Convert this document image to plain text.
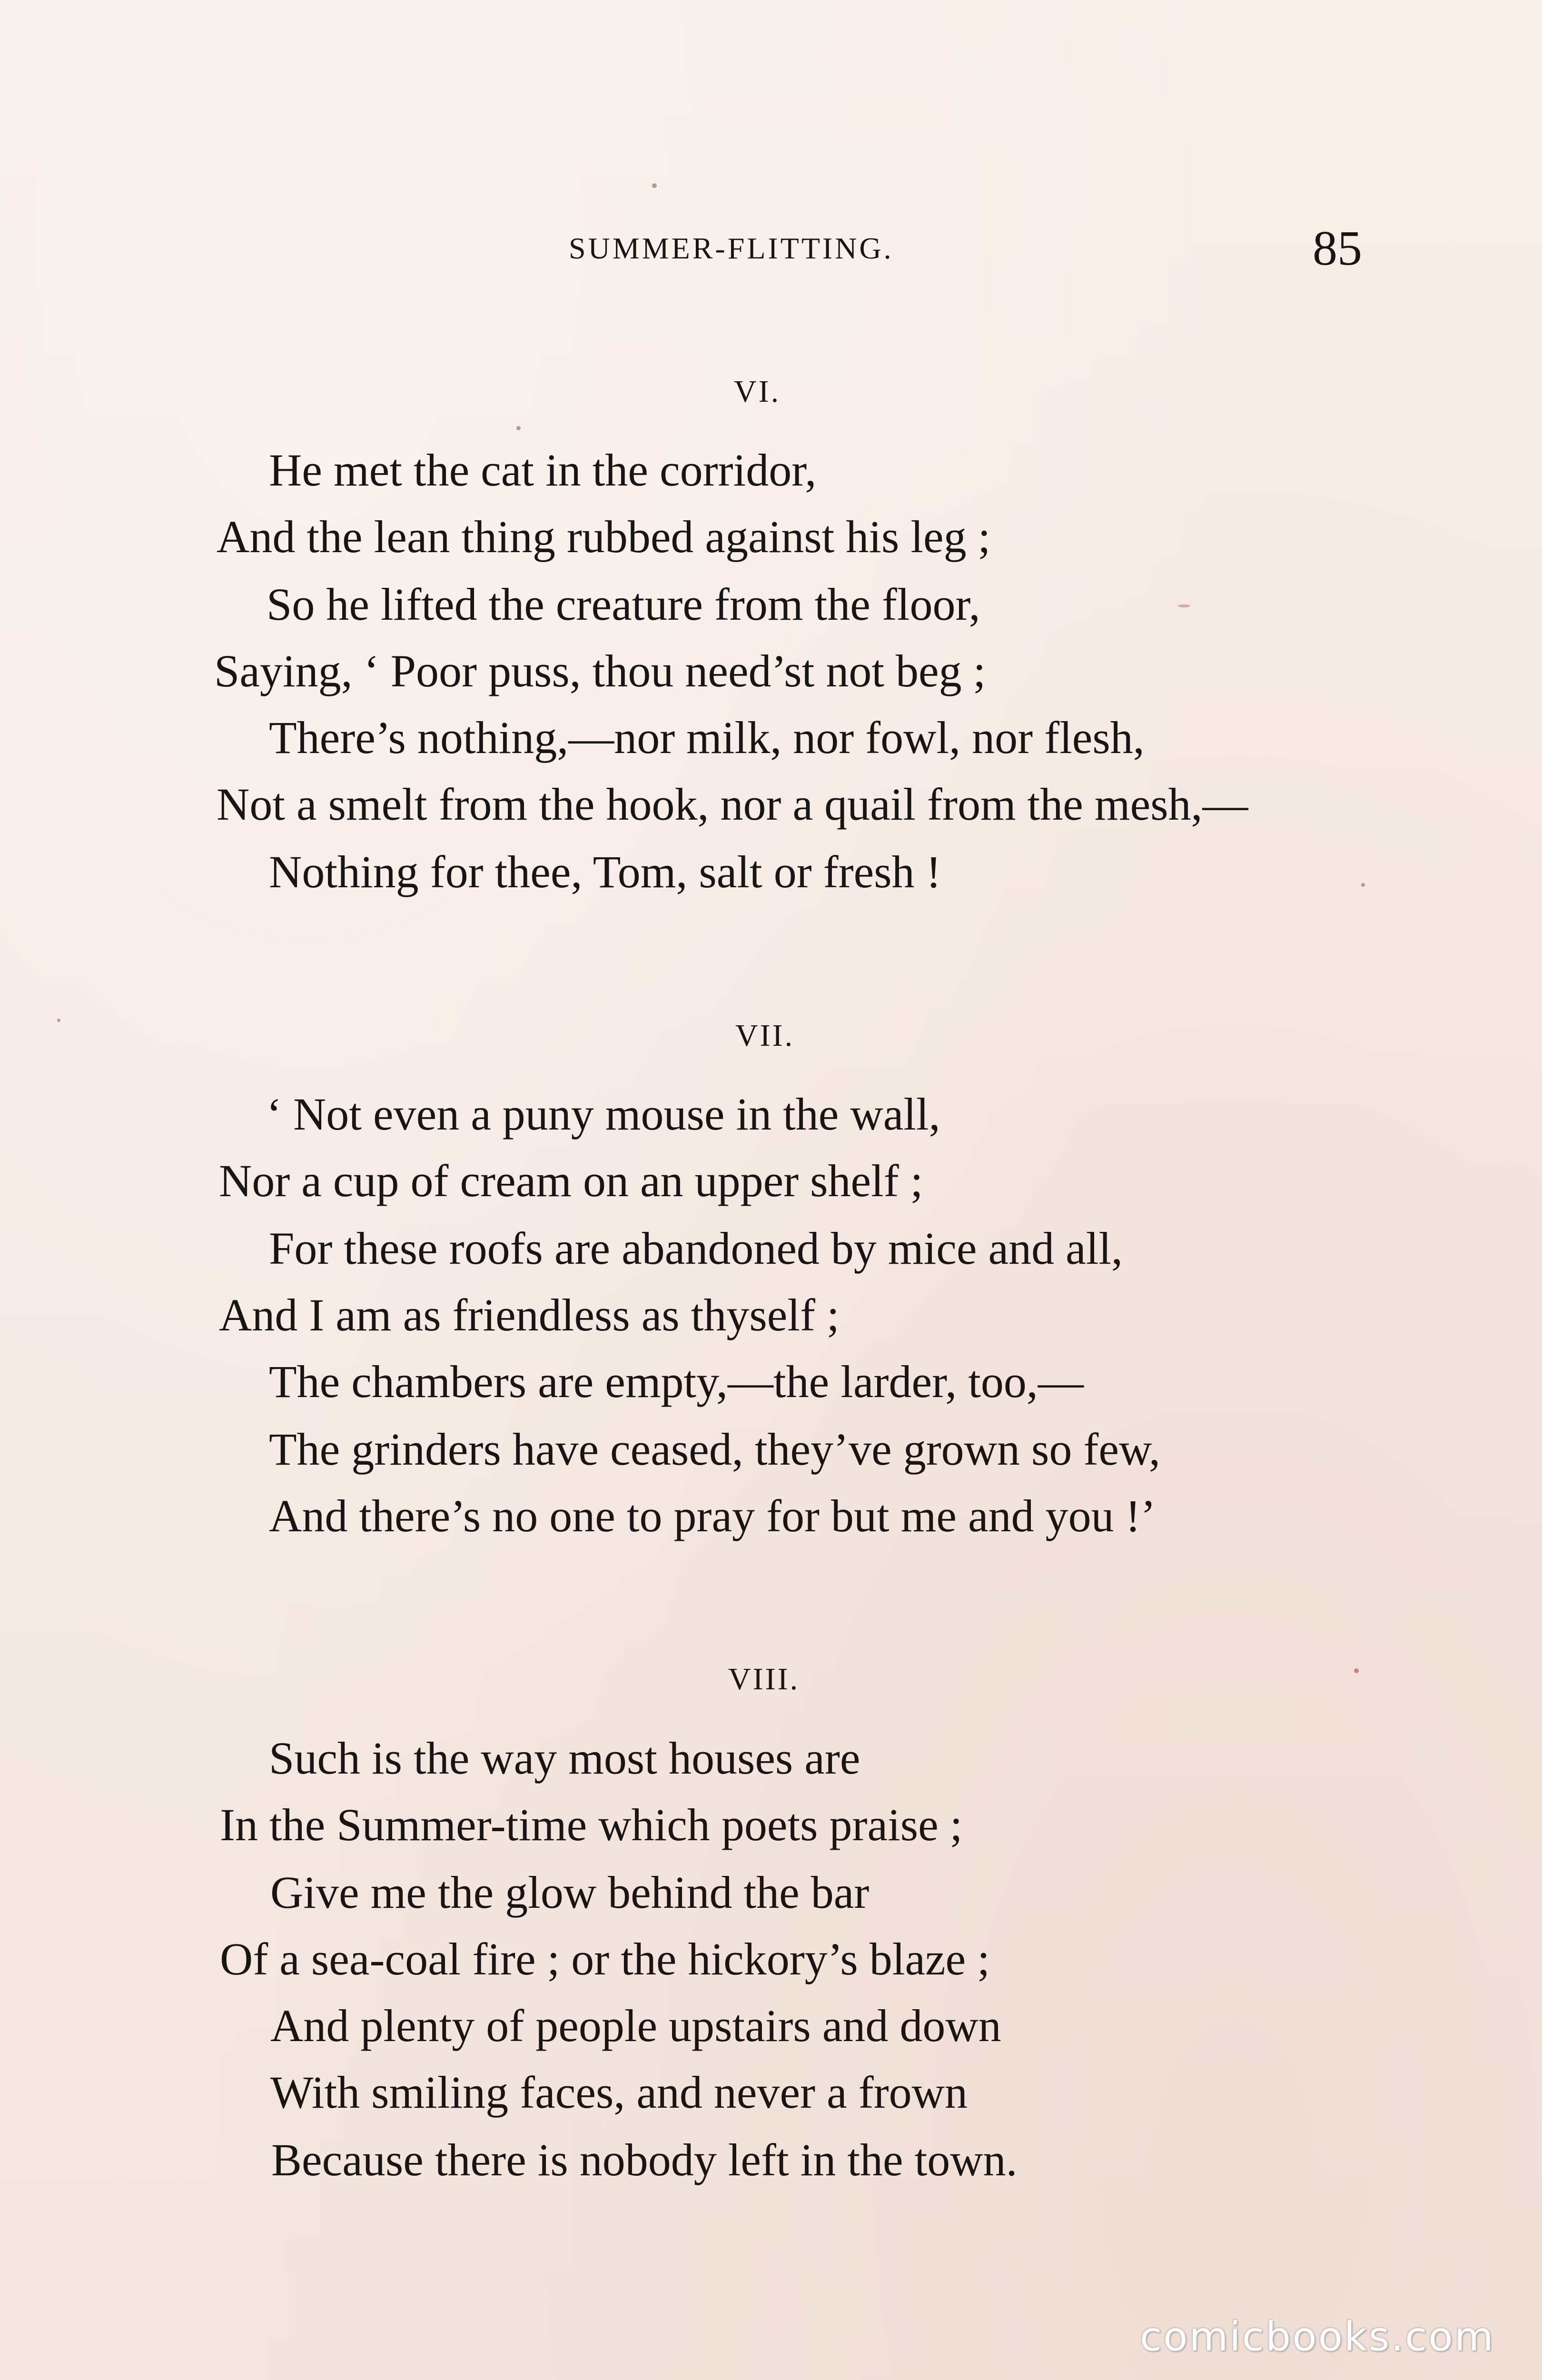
SUMMER-FLITTING.	85
VI.
He met the cat in the corridor,
And the lean thing rubbed against his leg ;
So he lifted the creature from the floor,
Saying, ‘ Poor puss, thou need’st not beg ;
There’s nothing,—nor milk, nor fowl, nor flesh,
Not a smelt from the hook, nor a quail from the mesh,—
Nothing for thee, Tom, salt or fresh !
VII.
‘ Not even a puny mouse in the wall,
Nor a cup of cream on an upper shelf ;
For these roofs are abandoned by mice and all,
And I am as friendless as thyself ;
The chambers are empty,—the larder, too,—
The grinders have ceased, they’ve grown so few,
And there’s no one to pray for but me and you !’
VIII.
Such is the way most houses are
In the Summer-time which poets praise ;
Give me the glow behind the bar
Of a sea-coal fire ; or the hickory’s blaze ;
And plenty of people upstairs and down
With smiling faces, and never a frown
Because there is nobody left in the town.
comicbooks.com
